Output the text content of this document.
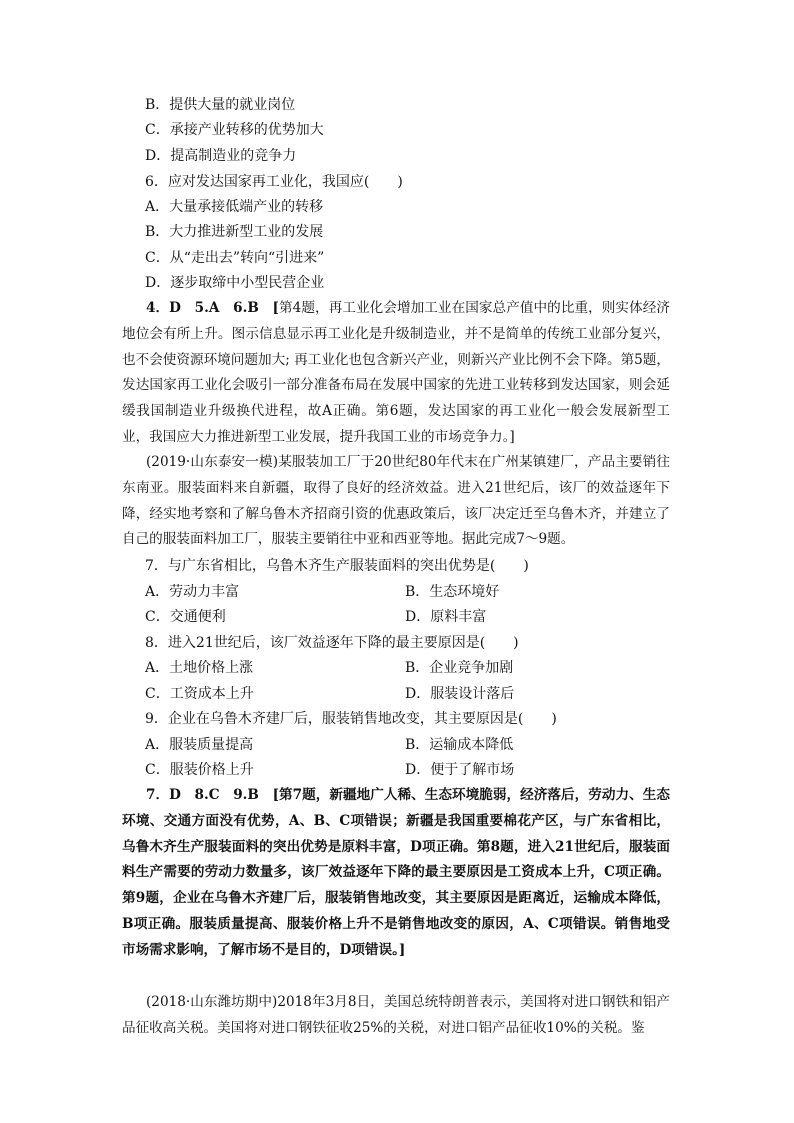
B．提供大量的就业岗位
C．承接产业转移的优势加大
D．提高制造业的竞争力
6．应对发达国家再工业化，我国应(　　)
A．大量承接低端产业的转移
B．大力推进新型工业的发展
C．从“走出去”转向“引进来”
D．逐步取缔中小型民营企业
4．D　5.A　6.B　[第4题，再工业化会增加工业在国家总产值中的比重，则实体经济地位会有所上升。图示信息显示再工业化是升级制造业，并不是简单的传统工业部分复兴，也不会使资源环境问题加大; 再工业化也包含新兴产业，则新兴产业比例不会下降。第5题，发达国家再工业化会吸引一部分准备布局在发展中国家的先进工业转移到发达国家，则会延缓我国制造业升级换代进程，故A正确。第6题，发达国家的再工业化一般会发展新型工业，我国应大力推进新型工业发展，提升我国工业的市场竞争力。]
(2019·山东泰安一模)某服装加工厂于20世纪80年代末在广州某镇建厂，产品主要销往东南亚。服装面料来自新疆，取得了良好的经济效益。进入21世纪后，该厂的效益逐年下降，经实地考察和了解乌鲁木齐招商引资的优惠政策后，该厂决定迁至乌鲁木齐，并建立了自己的服装面料加工厂，服装主要销往中亚和西亚等地。据此完成7～9题。
7．与广东省相比，乌鲁木齐生产服装面料的突出优势是(　　)
A．劳动力丰富	B．生态环境好
C．交通便利	D．原料丰富
8．进入21世纪后，该厂效益逐年下降的最主要原因是(　　)
A．土地价格上涨	B．企业竞争加剧
C．工资成本上升	D．服装设计落后
9．企业在乌鲁木齐建厂后，服装销售地改变，其主要原因是(　　)
A．服装质量提高	B．运输成本降低
C．服装价格上升	D．便于了解市场
7．D　8.C　9.B　[第7题，新疆地广人稀、生态环境脆弱，经济落后，劳动力、生态环境、交通方面没有优势，A、B、C项错误；新疆是我国重要棉花产区，与广东省相比，乌鲁木齐生产服装面料的突出优势是原料丰富，D项正确。第8题，进入21世纪后，服装面料生产需要的劳动力数量多，该厂效益逐年下降的最主要原因是工资成本上升，C项正确。第9题，企业在乌鲁木齐建厂后，服装销售地改变，其主要原因是距离近，运输成本降低，B项正确。服装质量提高、服装价格上升不是销售地改变的原因，A、C项错误。销售地受市场需求影响，了解市场不是目的，D项错误。]
(2018·山东潍坊期中)2018年3月8日，美国总统特朗普表示，美国将对进口钢铁和铝产品征收高关税。美国将对进口钢铁征收25%的关税，对进口铝产品征收10%的关税。鉴
